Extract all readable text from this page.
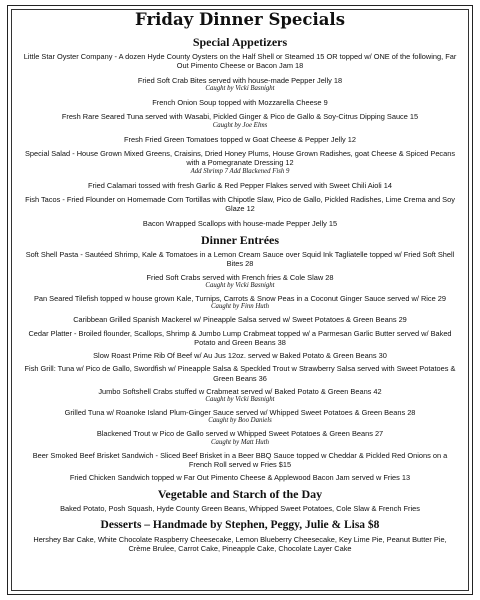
Friday Dinner Specials
Special Appetizers

Little Star Oyster Company - A dozen Hyde County Oysters on the Half Shell or Steamed 15 OR topped w/ ONE of the following, Far Out Pimento Cheese or Bacon Jam 18

Fried Soft Crab Bites served with house-made Pepper Jelly 18
Caught by Vicki Basnight

French Onion Soup topped with Mozzarella Cheese 9

Fresh Rare Seared Tuna served with Wasabi, Pickled Ginger & Pico de Gallo & Soy-Citrus Dipping Sauce 15
Caught by Joe Elms

Fresh Fried Green Tomatoes topped w Goat Cheese & Pepper Jelly 12

Special Salad - House Grown Mixed Greens, Craisins, Dried Honey Plums, House Grown Radishes, goat Cheese & Spiced Pecans with a Pomegranate Dressing 12
Add Shrimp 7 Add Blackened Fish 9

Fried Calamari tossed with fresh Garlic & Red Pepper Flakes served with Sweet Chili Aioli 14

Fish Tacos - Fried Flounder on Homemade Corn Tortillas with Chipotle Slaw, Pico de Gallo, Pickled Radishes, Lime Crema and Soy Glaze 12

Bacon Wrapped Scallops with house-made Pepper Jelly 15

Dinner Entrées

Soft Shell Pasta - Sautéed Shrimp, Kale & Tomatoes in a Lemon Cream Sauce over Squid Ink Tagliatelle topped w/ Fried Soft Shell Bites 28

Fried Soft Crabs served with French fries & Cole Slaw 28
Caught by Vicki Basnight

Pan Seared Tilefish topped w house grown Kale, Turnips, Carrots & Snow Peas in a Coconut Ginger Sauce served w/ Rice 29
Caught by Finn Huth

Caribbean Grilled Spanish Mackerel w/ Pineapple Salsa served w/ Sweet Potatoes & Green Beans 29

Cedar Platter - Broiled flounder, Scallops, Shrimp & Jumbo Lump Crabmeat topped w/ a Parmesan Garlic Butter served w/ Baked Potato and Green Beans 38

Slow Roast Prime Rib Of Beef w/ Au Jus 12oz. served w Baked Potato & Green Beans 30

Fish Grill: Tuna w/ Pico de Gallo, Swordfish w/ Pineapple Salsa & Speckled Trout w Strawberry Salsa served with Sweet Potatoes & Green Beans 36

Jumbo Softshell Crabs stuffed w Crabmeat served w/ Baked Potato & Green Beans 42
Caught by Vicki Basnight

Grilled Tuna w/ Roanoke Island Plum-Ginger Sauce served w/ Whipped Sweet Potatoes & Green Beans 28
Caught by Boo Daniels

Blackened Trout w Pico de Gallo served w Whipped Sweet Potatoes & Green Beans 27
Caught by Matt Huth

Beer Smoked Beef Brisket Sandwich - Sliced Beef Brisket in a Beer BBQ Sauce topped w Cheddar & Pickled Red Onions on a French Roll served w Fries $15

Fried Chicken Sandwich topped w Far Out Pimento Cheese & Applewood Bacon Jam served w Fries 13

Vegetable and Starch of the Day

Baked Potato, Posh Squash, Hyde County Green Beans, Whipped Sweet Potatoes, Cole Slaw & French Fries

Desserts – Handmade by Stephen, Peggy, Julie & Lisa $8

Hershey Bar Cake, White Chocolate Raspberry Cheesecake, Lemon Blueberry Cheesecake, Key Lime Pie, Peanut Butter Pie, Crème Brulee, Carrot Cake, Pineapple Cake, Chocolate Layer Cake
